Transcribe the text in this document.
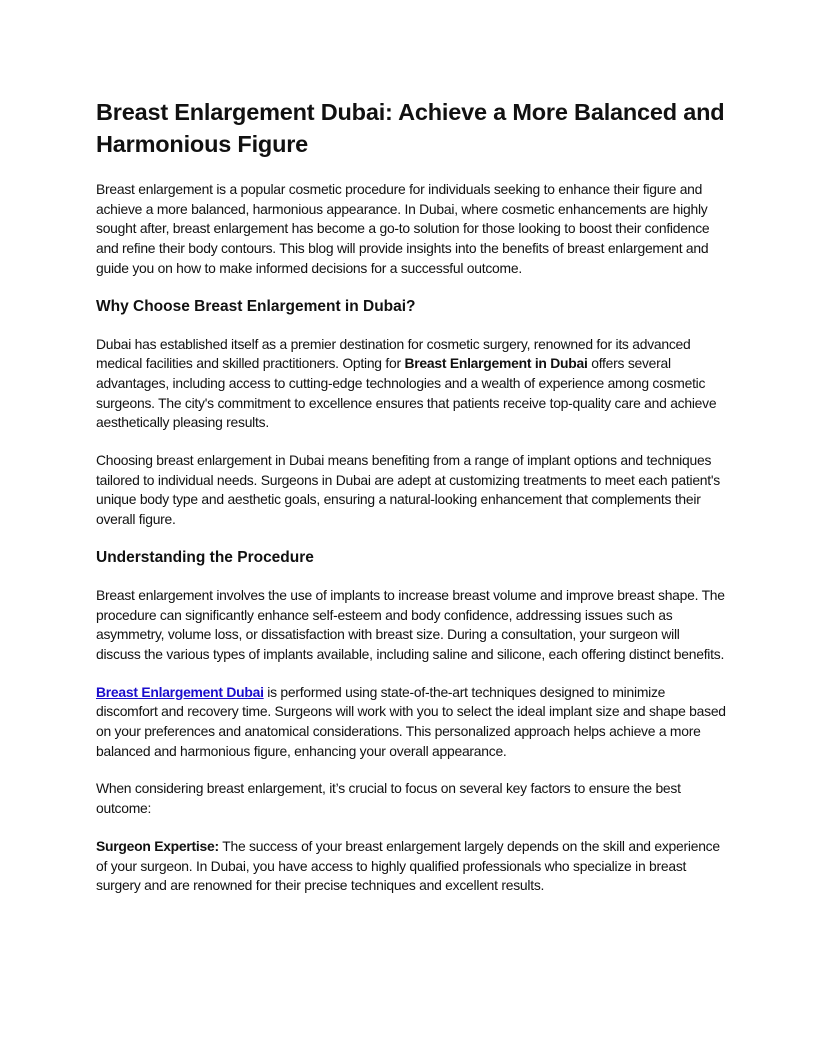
Breast Enlargement Dubai: Achieve a More Balanced and Harmonious Figure

Breast enlargement is a popular cosmetic procedure for individuals seeking to enhance their figure and achieve a more balanced, harmonious appearance. In Dubai, where cosmetic enhancements are highly sought after, breast enlargement has become a go-to solution for those looking to boost their confidence and refine their body contours. This blog will provide insights into the benefits of breast enlargement and guide you on how to make informed decisions for a successful outcome.

Why Choose Breast Enlargement in Dubai?

Dubai has established itself as a premier destination for cosmetic surgery, renowned for its advanced medical facilities and skilled practitioners. Opting for Breast Enlargement in Dubai offers several advantages, including access to cutting-edge technologies and a wealth of experience among cosmetic surgeons. The city's commitment to excellence ensures that patients receive top-quality care and achieve aesthetically pleasing results.

Choosing breast enlargement in Dubai means benefiting from a range of implant options and techniques tailored to individual needs. Surgeons in Dubai are adept at customizing treatments to meet each patient's unique body type and aesthetic goals, ensuring a natural-looking enhancement that complements their overall figure.

Understanding the Procedure

Breast enlargement involves the use of implants to increase breast volume and improve breast shape. The procedure can significantly enhance self-esteem and body confidence, addressing issues such as asymmetry, volume loss, or dissatisfaction with breast size. During a consultation, your surgeon will discuss the various types of implants available, including saline and silicone, each offering distinct benefits.

Breast Enlargement Dubai is performed using state-of-the-art techniques designed to minimize discomfort and recovery time. Surgeons will work with you to select the ideal implant size and shape based on your preferences and anatomical considerations. This personalized approach helps achieve a more balanced and harmonious figure, enhancing your overall appearance.

When considering breast enlargement, it’s crucial to focus on several key factors to ensure the best outcome:

Surgeon Expertise: The success of your breast enlargement largely depends on the skill and experience of your surgeon. In Dubai, you have access to highly qualified professionals who specialize in breast surgery and are renowned for their precise techniques and excellent results.
